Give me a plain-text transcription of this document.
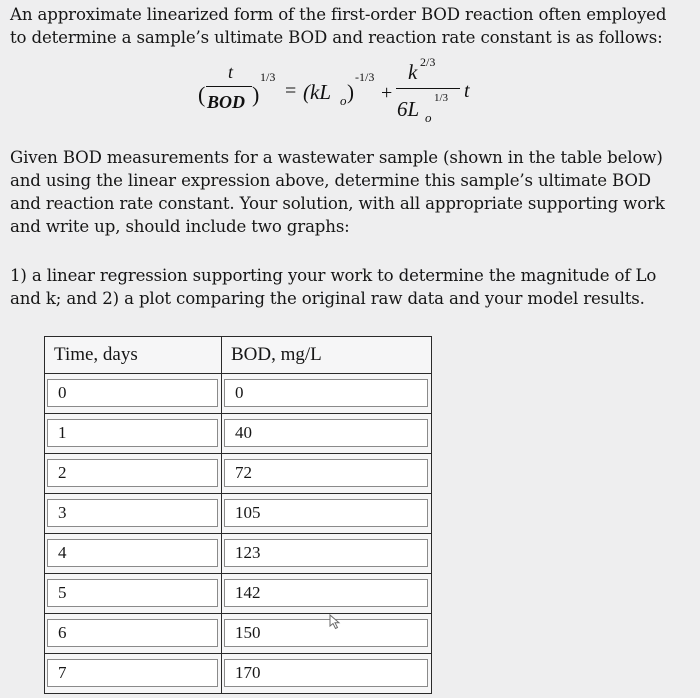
An approximate linearized form of the first-order BOD reaction often employed
to determine a sample’s ultimate BOD and reaction rate constant is as follows:

(
t
BOD )
1/3
= (kL o )
-1/3
+
k 2/3
6L o
1/3 t

Given BOD measurements for a wastewater sample (shown in the table below)
and using the linear expression above, determine this sample’s ultimate BOD
and reaction rate constant. Your solution, with all appropriate supporting work
and write up, should include two graphs:

1) a linear regression supporting your work to determine the magnitude of Lo
and k; and 2) a plot comparing the original raw data and your model results.

Time, days	BOD, mg/L

0	0

1	40

2	72

3	105

4	123

5	142

6	150

7	170
